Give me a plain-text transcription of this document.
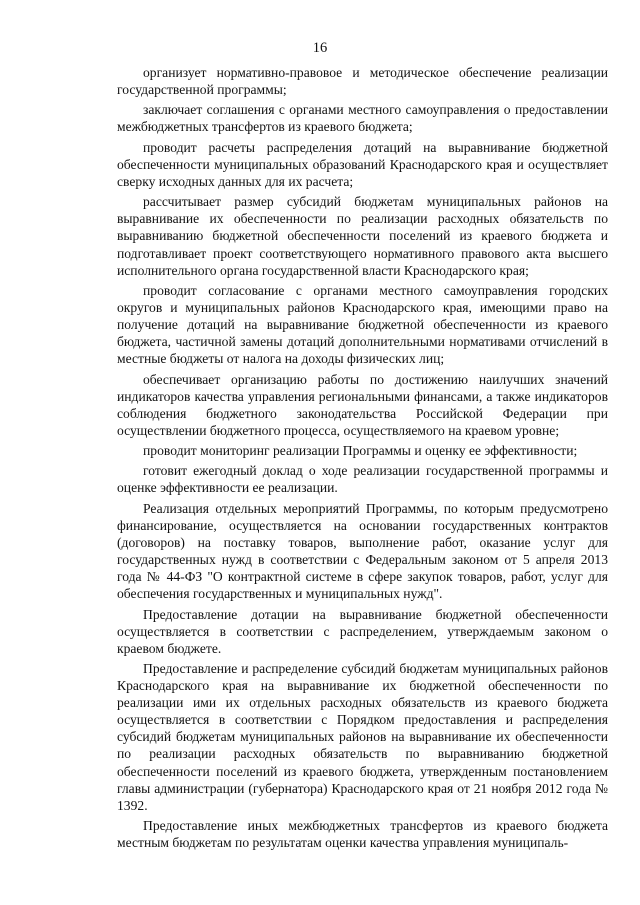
16

организует нормативно-правовое и методическое обеспечение реализации государственной программы;

заключает соглашения с органами местного самоуправления о предоставлении межбюджетных трансфертов из краевого бюджета;

проводит расчеты распределения дотаций на выравнивание бюджетной обеспеченности муниципальных образований Краснодарского края и осуществляет сверку исходных данных для их расчета;

рассчитывает размер субсидий бюджетам муниципальных районов на выравнивание их обеспеченности по реализации расходных обязательств по выравниванию бюджетной обеспеченности поселений из краевого бюджета и подготавливает проект соответствующего нормативного правового акта высшего исполнительного органа государственной власти Краснодарского края;

проводит согласование с органами местного самоуправления городских округов и муниципальных районов Краснодарского края, имеющими право на получение дотаций на выравнивание бюджетной обеспеченности из краевого бюджета, частичной замены дотаций дополнительными нормативами отчислений в местные бюджеты от налога на доходы физических лиц;

обеспечивает организацию работы по достижению наилучших значений индикаторов качества управления региональными финансами, а также индикаторов соблюдения бюджетного законодательства Российской Федерации при осуществлении бюджетного процесса, осуществляемого на краевом уровне;

проводит мониторинг реализации Программы и оценку ее эффективности;

готовит ежегодный доклад о ходе реализации государственной программы и оценке эффективности ее реализации.

Реализация отдельных мероприятий Программы, по которым предусмотрено финансирование, осуществляется на основании государственных контрактов (договоров) на поставку товаров, выполнение работ, оказание услуг для государственных нужд в соответствии с Федеральным законом от 5 апреля 2013 года № 44-ФЗ "О контрактной системе в сфере закупок товаров, работ, услуг для обеспечения государственных и муниципальных нужд".

Предоставление дотации на выравнивание бюджетной обеспеченности осуществляется в соответствии с распределением, утверждаемым законом о краевом бюджете.

Предоставление и распределение субсидий бюджетам муниципальных районов Краснодарского края на выравнивание их бюджетной обеспеченности по реализации ими их отдельных расходных обязательств из краевого бюджета осуществляется в соответствии с Порядком предоставления и распределения субсидий бюджетам муниципальных районов на выравнивание их обеспеченности по реализации расходных обязательств по выравниванию бюджетной обеспеченности поселений из краевого бюджета, утвержденным постановлением главы администрации (губернатора) Краснодарского края от 21 ноября 2012 года № 1392.

Предоставление иных межбюджетных трансфертов из краевого бюджета местным бюджетам по результатам оценки качества управления муниципаль-
